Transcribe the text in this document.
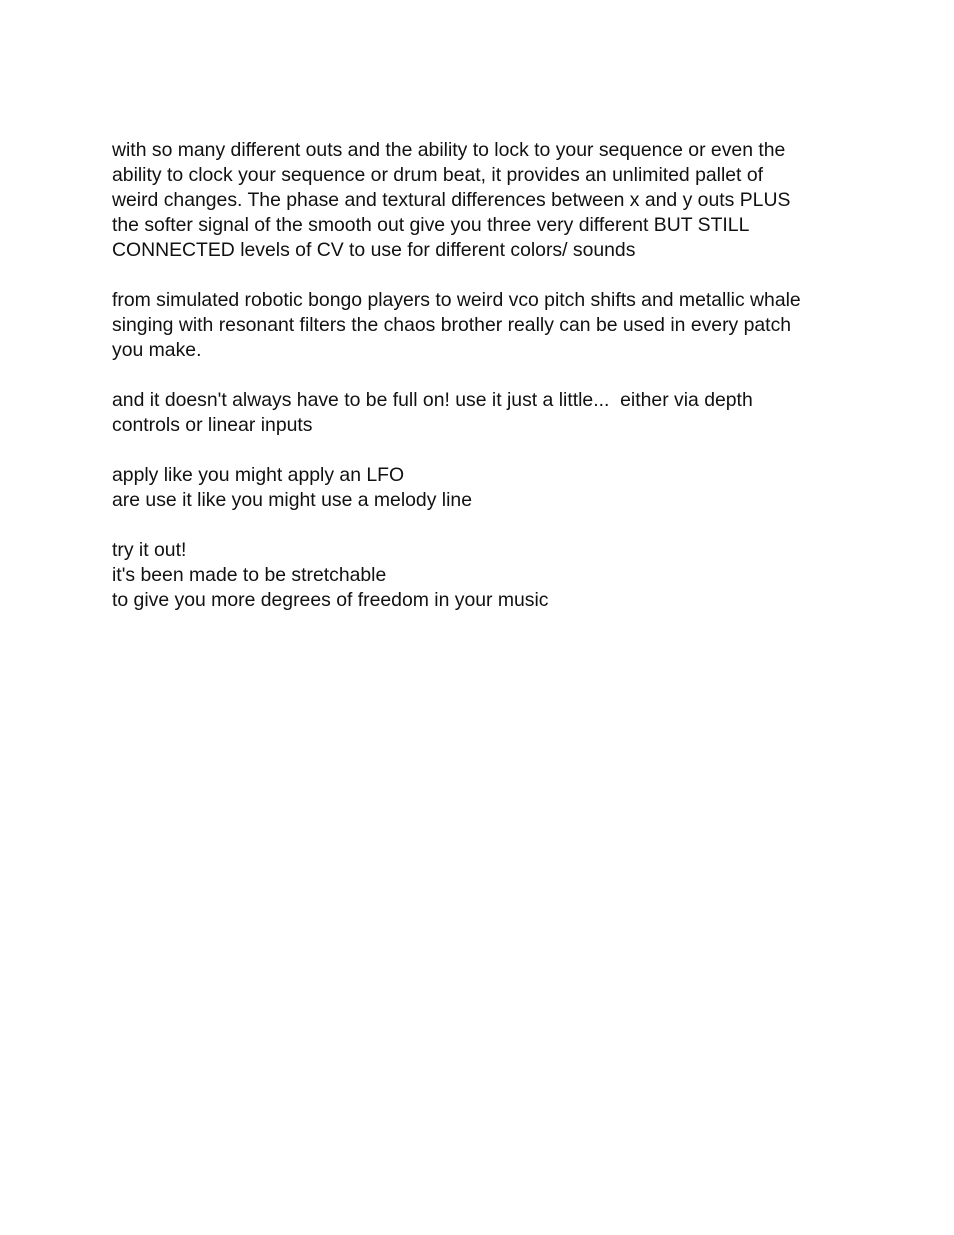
with so many different outs and the ability to lock to your sequence or even the
ability to clock your sequence or drum beat, it provides an unlimited pallet of
weird changes. The phase and textural differences between x and y outs PLUS
the softer signal of the smooth out give you three very different BUT STILL
CONNECTED levels of CV to use for different colors/ sounds

from simulated robotic bongo players to weird vco pitch shifts and metallic whale
singing with resonant filters the chaos brother really can be used in every patch
you make.

and it doesn't always have to be full on! use it just a little...  either via depth
controls or linear inputs

apply like you might apply an LFO
are use it like you might use a melody line

try it out!
it's been made to be stretchable
to give you more degrees of freedom in your music
